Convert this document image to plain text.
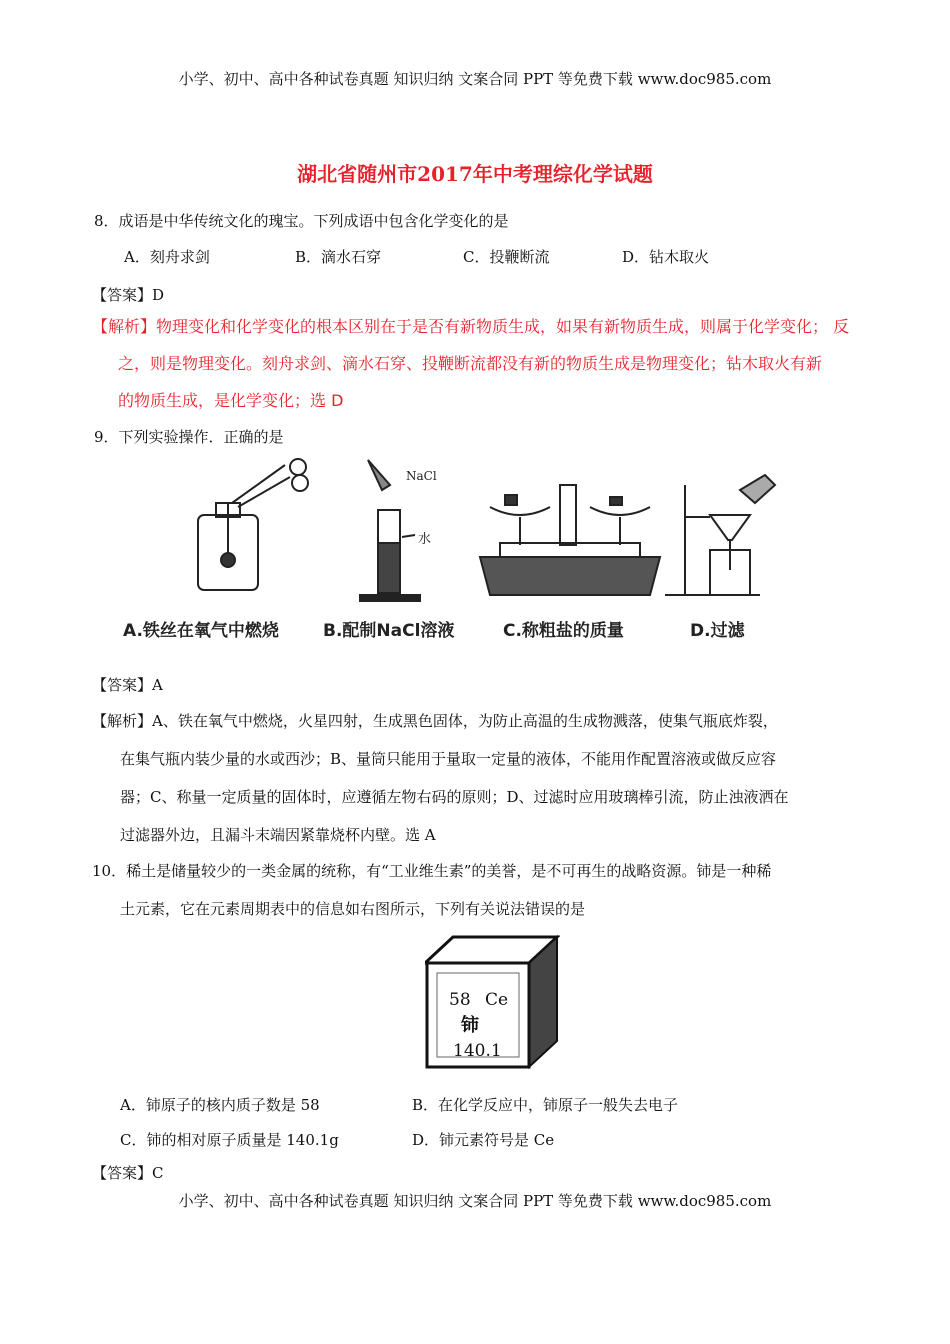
小学、初中、高中各种试卷真题 知识归纳 文案合同 PPT 等免费下载 www.doc985.com
湖北省随州市2017年中考理综化学试题
8．成语是中华传统文化的瑰宝。下列成语中包含化学变化的是
A．刻舟求剑	B．滴水石穿	C．投鞭断流	D．钻木取火
【答案】D
【解析】物理变化和化学变化的根本区别在于是否有新物质生成，如果有新物质生成，则属于化学变化； 反
之，则是物理变化。刻舟求剑、滴水石穿、投鞭断流都没有新的物质生成是物理变化；钻木取火有新
的物质生成，是化学变化；选 D
9．下列实验操作．正确的是
NaCl
水
A.铁丝在氧气中燃烧	B.配制NaCl溶液	C.称粗盐的质量	D.过滤
【答案】A
【解析】A、铁在氧气中燃烧，火星四射，生成黑色固体，为防止高温的生成物溅落，使集气瓶底炸裂，
在集气瓶内装少量的水或西沙；B、量筒只能用于量取一定量的液体，不能用作配置溶液或做反应容
器；C、称量一定质量的固体时，应遵循左物右码的原则；D、过滤时应用玻璃棒引流，防止浊液洒在
过滤器外边，且漏斗末端因紧靠烧杯内壁。选 A
10．稀土是储量较少的一类金属的统称，有“工业维生素”的美誉，是不可再生的战略资源。铈是一种稀
土元素，它在元素周期表中的信息如右图所示，下列有关说法错误的是
58 Ce
铈
140.1
A．铈原子的核内质子数是 58	B．在化学反应中，铈原子一般失去电子
C．铈的相对原子质量是 140.1g	D．铈元素符号是 Ce
【答案】C
小学、初中、高中各种试卷真题 知识归纳 文案合同 PPT 等免费下载 www.doc985.com
